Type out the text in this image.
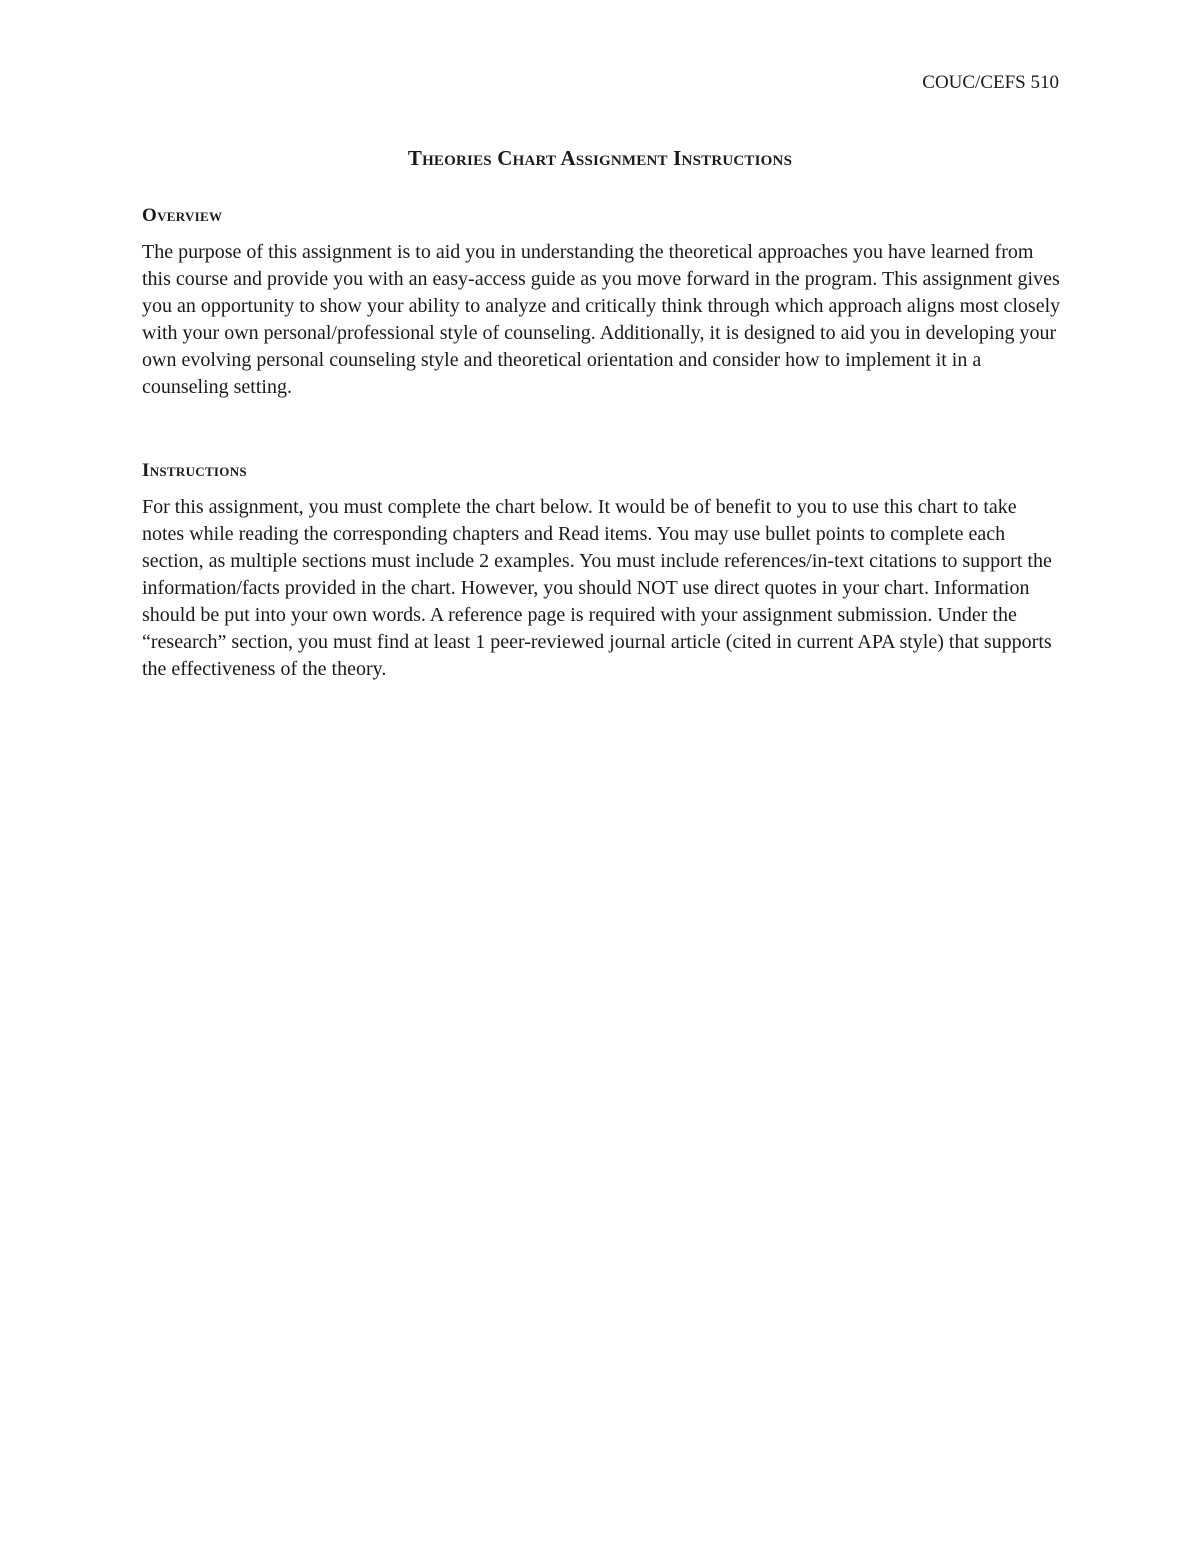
COUC/CEFS 510
Theories Chart Assignment Instructions
Overview

The purpose of this assignment is to aid you in understanding the theoretical approaches you have learned from this course and provide you with an easy-access guide as you move forward in the program. This assignment gives you an opportunity to show your ability to analyze and critically think through which approach aligns most closely with your own personal/professional style of counseling. Additionally, it is designed to aid you in developing your own evolving personal counseling style and theoretical orientation and consider how to implement it in a counseling setting.

Instructions

For this assignment, you must complete the chart below. It would be of benefit to you to use this chart to take notes while reading the corresponding chapters and Read items. You may use bullet points to complete each section, as multiple sections must include 2 examples. You must include references/in-text citations to support the information/facts provided in the chart. However, you should NOT use direct quotes in your chart. Information should be put into your own words. A reference page is required with your assignment submission. Under the “research” section, you must find at least 1 peer-reviewed journal article (cited in current APA style) that supports the effectiveness of the theory.
